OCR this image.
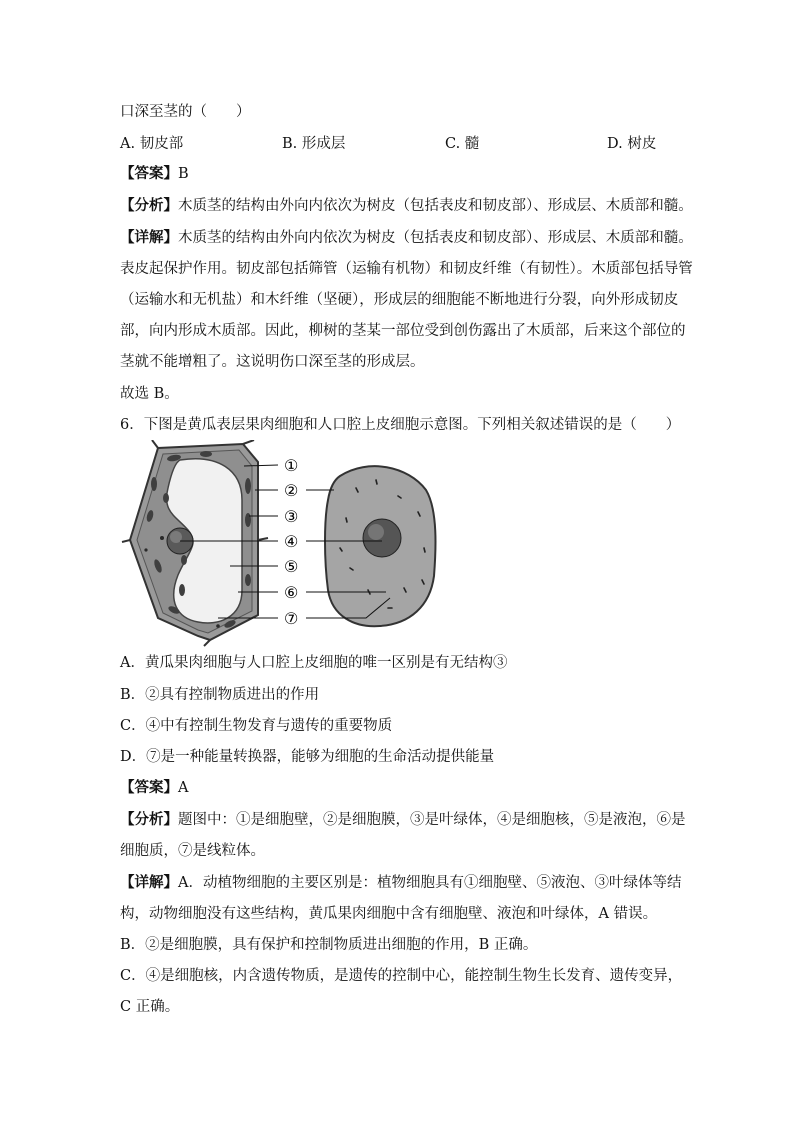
口深至茎的（　　）
A. 韧皮部	B. 形成层	C. 髓	D. 树皮
【答案】B
【分析】木质茎的结构由外向内依次为树皮（包括表皮和韧皮部）、形成层、木质部和髓。
【详解】木质茎的结构由外向内依次为树皮（包括表皮和韧皮部）、形成层、木质部和髓。
表皮起保护作用。韧皮部包括筛管（运输有机物）和韧皮纤维（有韧性）。木质部包括导管
（运输水和无机盐）和木纤维（坚硬），形成层的细胞能不断地进行分裂，向外形成韧皮
部，向内形成木质部。因此，柳树的茎某一部位受到创伤露出了木质部，后来这个部位的
茎就不能增粗了。这说明伤口深至茎的形成层。
故选 B。
6．下图是黄瓜表层果肉细胞和人口腔上皮细胞示意图。下列相关叙述错误的是（　　）
①
②
③
④
⑤
⑥
⑦
A．黄瓜果肉细胞与人口腔上皮细胞的唯一区别是有无结构③
B．②具有控制物质进出的作用
C．④中有控制生物发育与遗传的重要物质
D．⑦是一种能量转换器，能够为细胞的生命活动提供能量
【答案】A
【分析】题图中：①是细胞壁，②是细胞膜，③是叶绿体，④是细胞核，⑤是液泡，⑥是
细胞质，⑦是线粒体。
【详解】A．动植物细胞的主要区别是：植物细胞具有①细胞壁、⑤液泡、③叶绿体等结
构，动物细胞没有这些结构，黄瓜果肉细胞中含有细胞壁、液泡和叶绿体，A 错误。
B．②是细胞膜，具有保护和控制物质进出细胞的作用，B 正确。
C．④是细胞核，内含遗传物质，是遗传的控制中心，能控制生物生长发育、遗传变异，
C 正确。
